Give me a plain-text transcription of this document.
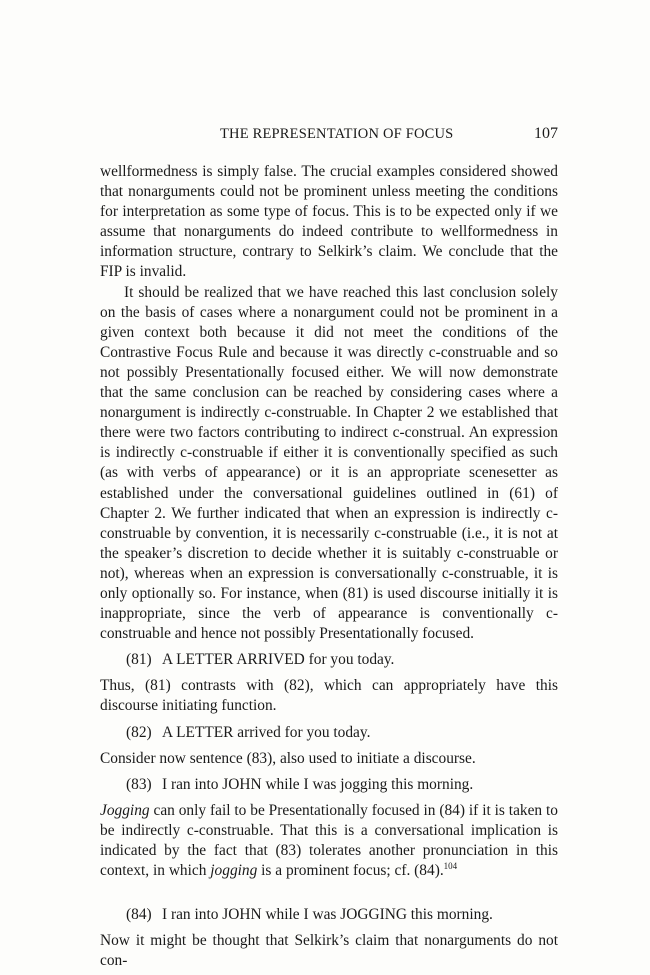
THE REPRESENTATION OF FOCUS	107

wellformedness is simply false. The crucial examples considered showed that nonarguments could not be prominent unless meeting the conditions for interpretation as some type of focus. This is to be expected only if we assume that nonarguments do indeed contribute to wellformedness in information structure, contrary to Selkirk’s claim. We conclude that the FIP is invalid.

It should be realized that we have reached this last conclusion solely on the basis of cases where a nonargument could not be prominent in a given context both because it did not meet the conditions of the Contrastive Focus Rule and because it was directly c-construable and so not possibly Presentationally focused either. We will now demonstrate that the same conclusion can be reached by considering cases where a nonargument is indirectly c-construable. In Chapter 2 we established that there were two factors contributing to indirect c-construal. An expression is indirectly c-construable if either it is conventionally specified as such (as with verbs of appearance) or it is an appropriate scenesetter as established under the conversational guidelines outlined in (61) of Chapter 2. We further indicated that when an expression is indirectly c-construable by convention, it is necessarily c-construable (i.e., it is not at the speaker’s discretion to decide whether it is suitably c-construable or not), whereas when an expression is conversationally c-construable, it is only optionally so. For instance, when (81) is used discourse initially it is inappropriate, since the verb of appearance is conventionally c-construable and hence not possibly Presentationally focused.

(81) A LETTER ARRIVED for you today.

Thus, (81) contrasts with (82), which can appropriately have this discourse initiating function.

(82) A LETTER arrived for you today.

Consider now sentence (83), also used to initiate a discourse.

(83) I ran into JOHN while I was jogging this morning.

Jogging can only fail to be Presentationally focused in (84) if it is taken to be indirectly c-construable. That this is a conversational implication is indicated by the fact that (83) tolerates another pronunciation in this context, in which jogging is a prominent focus; cf. (84).$^{104}$

(84) I ran into JOHN while I was JOGGING this morning.

Now it might be thought that Selkirk’s claim that nonarguments do not con-
